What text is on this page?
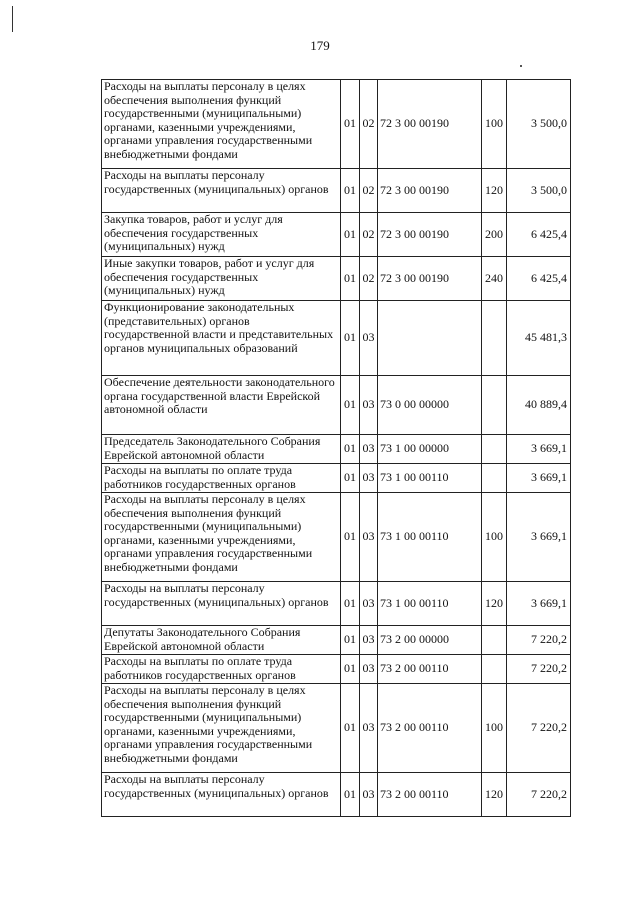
179
Расходы на выплаты персоналу в целях обеспечения выполнения функций государственными (муниципальными) органами, казенными учреждениями, органами управления государственными внебюджетными фондами	01	02	72 3 00 00190	100	3 500,0
Расходы на выплаты персоналу государственных (муниципальных) органов	01	02	72 3 00 00190	120	3 500,0
Закупка товаров, работ и услуг для обеспечения государственных (муниципальных) нужд	01	02	72 3 00 00190	200	6 425,4
Иные закупки товаров, работ и услуг для обеспечения государственных (муниципальных) нужд	01	02	72 3 00 00190	240	6 425,4
Функционирование законодательных (представительных) органов государственной власти и представительных органов муниципальных образований	01	03			45 481,3
Обеспечение деятельности законодательного органа государственной власти Еврейской автономной области	01	03	73 0 00 00000		40 889,4
Председатель Законодательного Собрания Еврейской автономной области	01	03	73 1 00 00000		3 669,1
Расходы на выплаты по оплате труда работников государственных органов	01	03	73 1 00 00110		3 669,1
Расходы на выплаты персоналу в целях обеспечения выполнения функций государственными (муниципальными) органами, казенными учреждениями, органами управления государственными внебюджетными фондами	01	03	73 1 00 00110	100	3 669,1
Расходы на выплаты персоналу государственных (муниципальных) органов	01	03	73 1 00 00110	120	3 669,1
Депутаты Законодательного Собрания Еврейской автономной области	01	03	73 2 00 00000		7 220,2
Расходы на выплаты по оплате труда работников государственных органов	01	03	73 2 00 00110		7 220,2
Расходы на выплаты персоналу в целях обеспечения выполнения функций государственными (муниципальными) органами, казенными учреждениями, органами управления государственными внебюджетными фондами	01	03	73 2 00 00110	100	7 220,2
Расходы на выплаты персоналу государственных (муниципальных) органов	01	03	73 2 00 00110	120	7 220,2
